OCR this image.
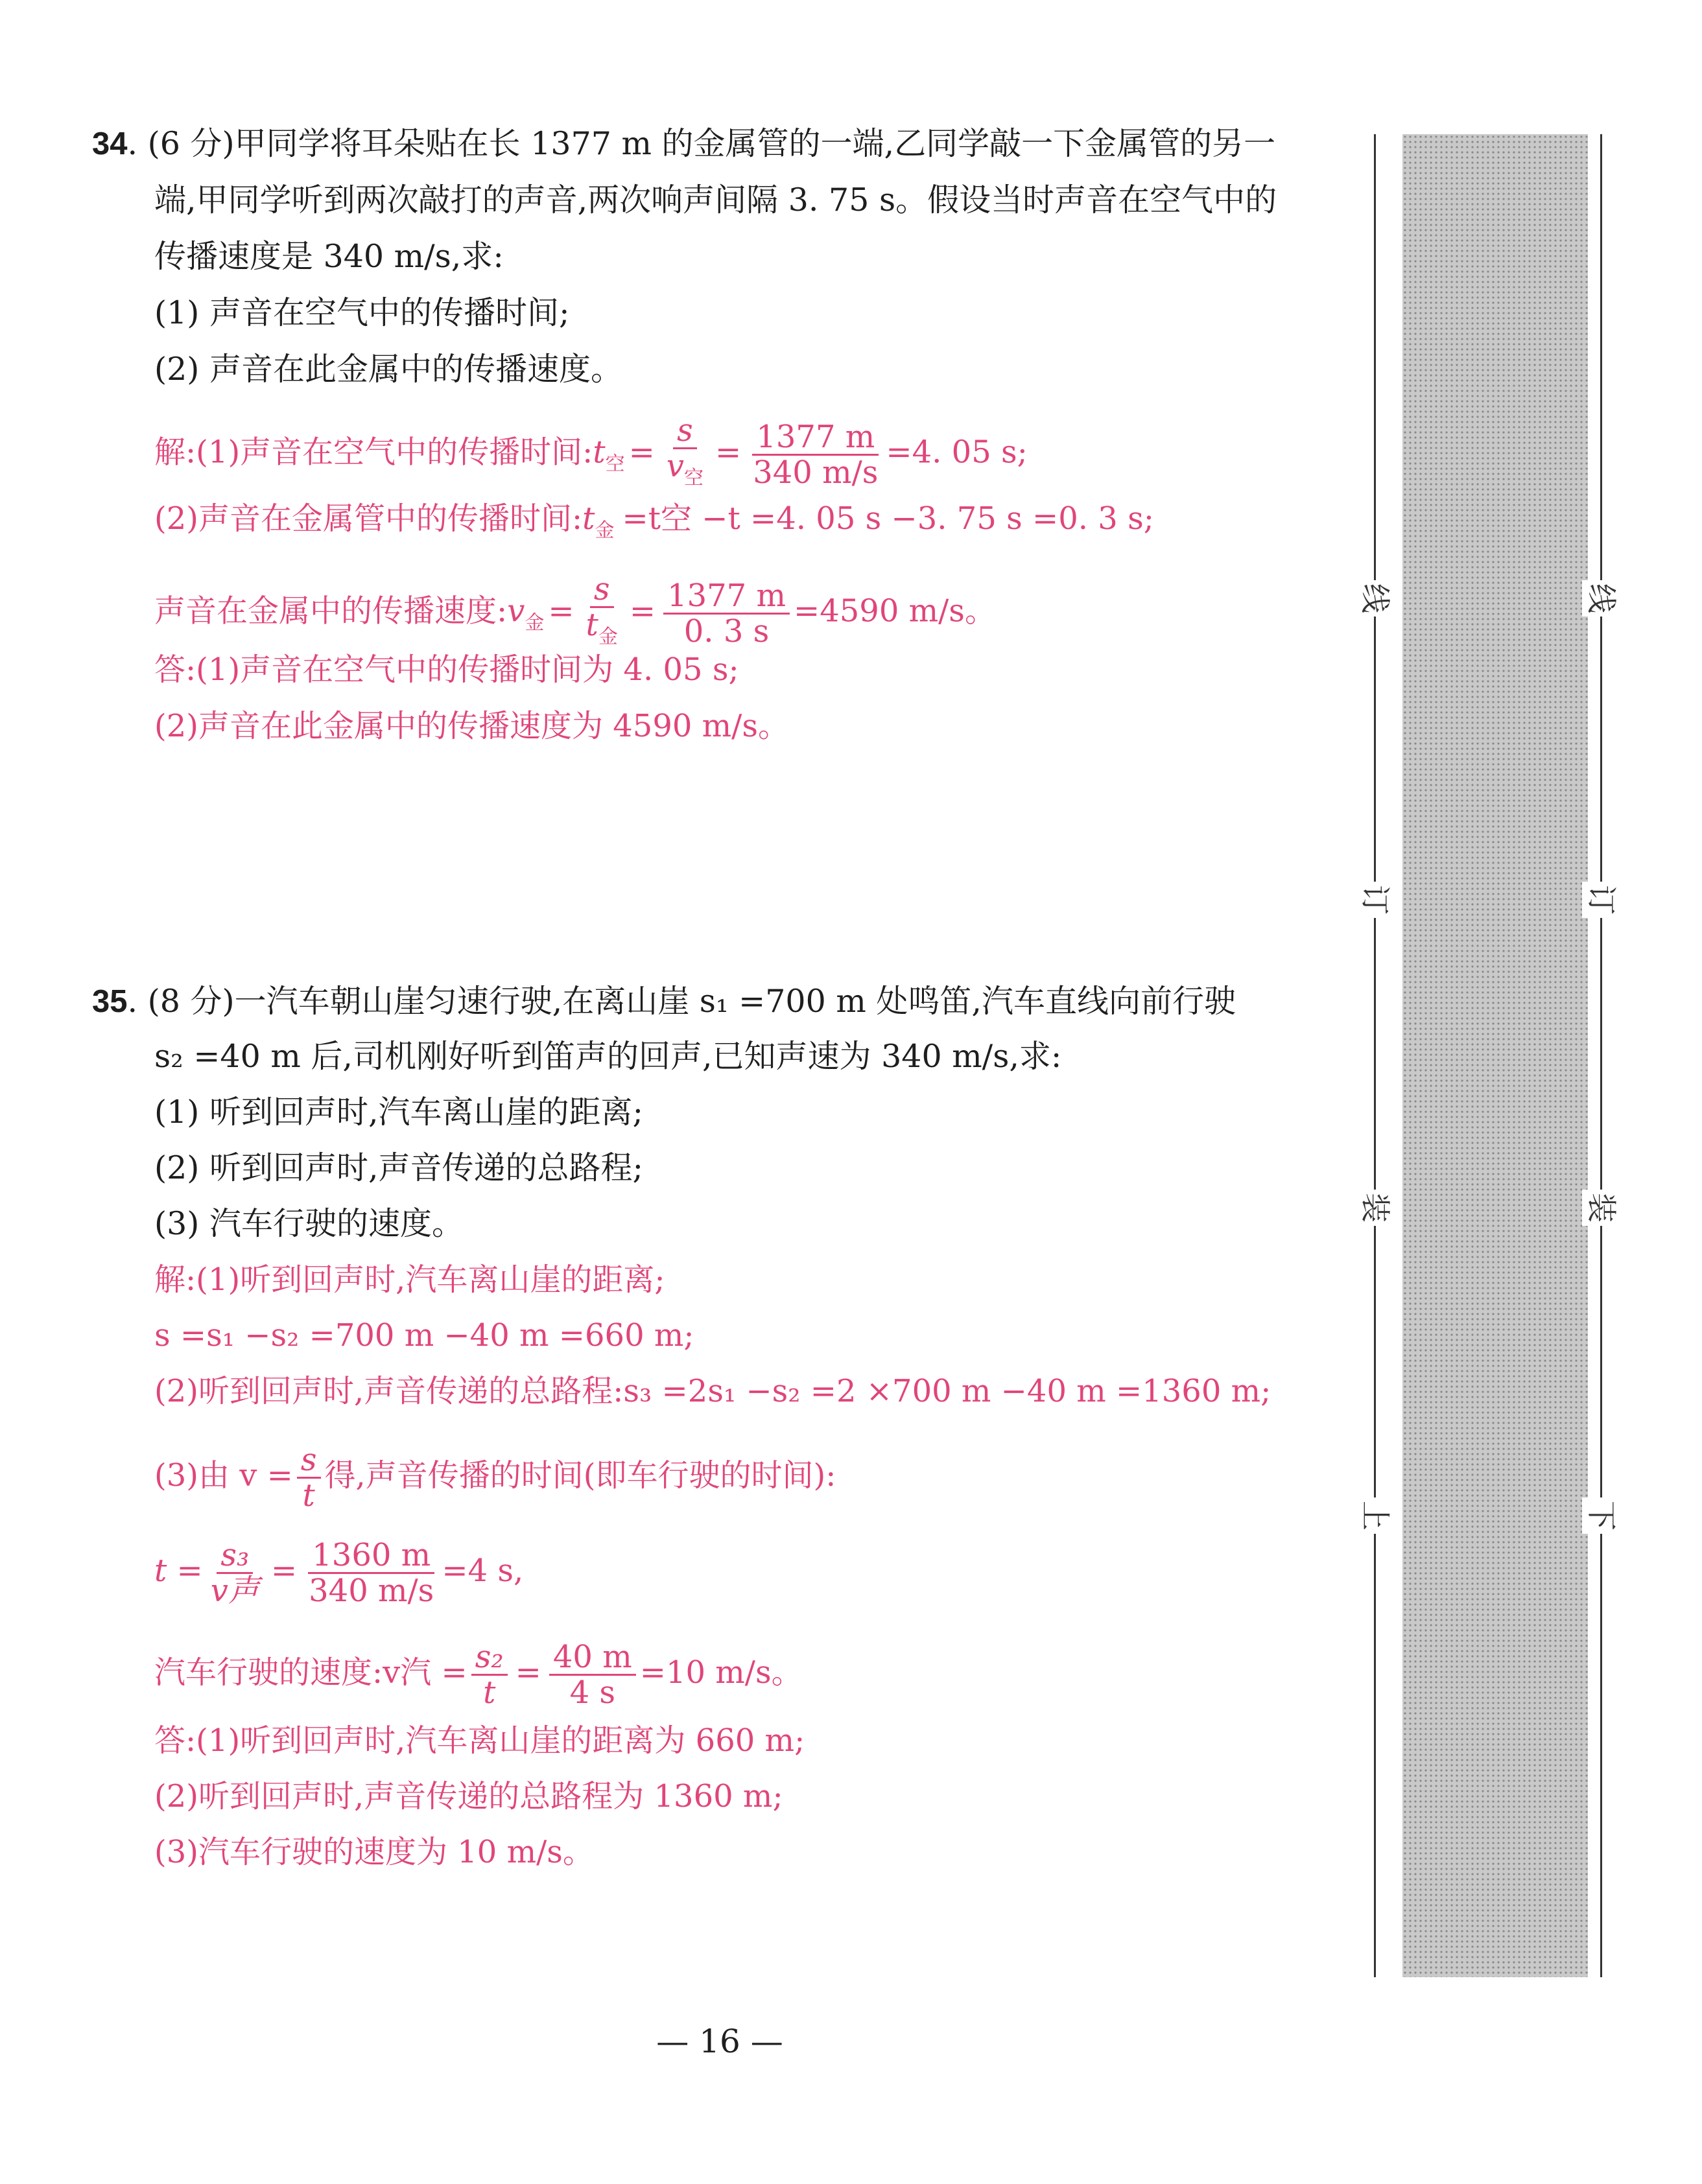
34. (6 分)甲同学将耳朵贴在长 1377 m 的金属管的一端,乙同学敲一下金属管的另一
端,甲同学听到两次敲打的声音,两次响声间隔 3. 75 s。假设当时声音在空气中的
传播速度是 340 m/s,求:
(1) 声音在空气中的传播时间;
(2) 声音在此金属中的传播速度。
解:(1)声音在空气中的传播时间$:t_空 = \frac{s}{v_空} = \frac{1377 m}{340 m/s} =4$. 05 s;
(2)声音在金属管中的传播时间$:t_金 =t$空 −t =4. 05 s −3. 75 s =0. 3 s;
声音在金属中的传播速度$:v_金 = \frac{s}{t_金} = \frac{1377 m}{0. 3 s} =4590$ m/s。
答:(1)声音在空气中的传播时间为 4. 05 s;
(2)声音在此金属中的传播速度为 4590 m/s。
35. (8 分)一汽车朝山崖匀速行驶,在离山崖 s₁ =700 m 处鸣笛,汽车直线向前行驶
s₂ =40 m 后,司机刚好听到笛声的回声,已知声速为 340 m/s,求:
(1) 听到回声时,汽车离山崖的距离;
(2) 听到回声时,声音传递的总路程;
(3) 汽车行驶的速度。
解:(1)听到回声时,汽车离山崖的距离;
s =s₁ −s₂ =700 m −40 m =660 m;
(2)听到回声时,声音传递的总路程:s₃ =2s₁ −s₂ =2 ×700 m −40 m =1360 m;
(3)由 $v = \frac{s}{t}$ 得,声音传播的时间(即车行驶的时间):
$t = \frac{\text{s₃}}{\text{v声}} = \frac{1360 m}{340 m/s} =4$ s,
汽车行驶的速度:v汽 = $\frac{\text{s₂}}{t} = \frac{40 m}{4 s} =10$ m/s。
答:(1)听到回声时,汽车离山崖的距离为 660 m;
(2)听到回声时,声音传递的总路程为 1360 m;
(3)汽车行驶的速度为 10 m/s。
线
订
装
上
线
订
装
下
— 16 —
